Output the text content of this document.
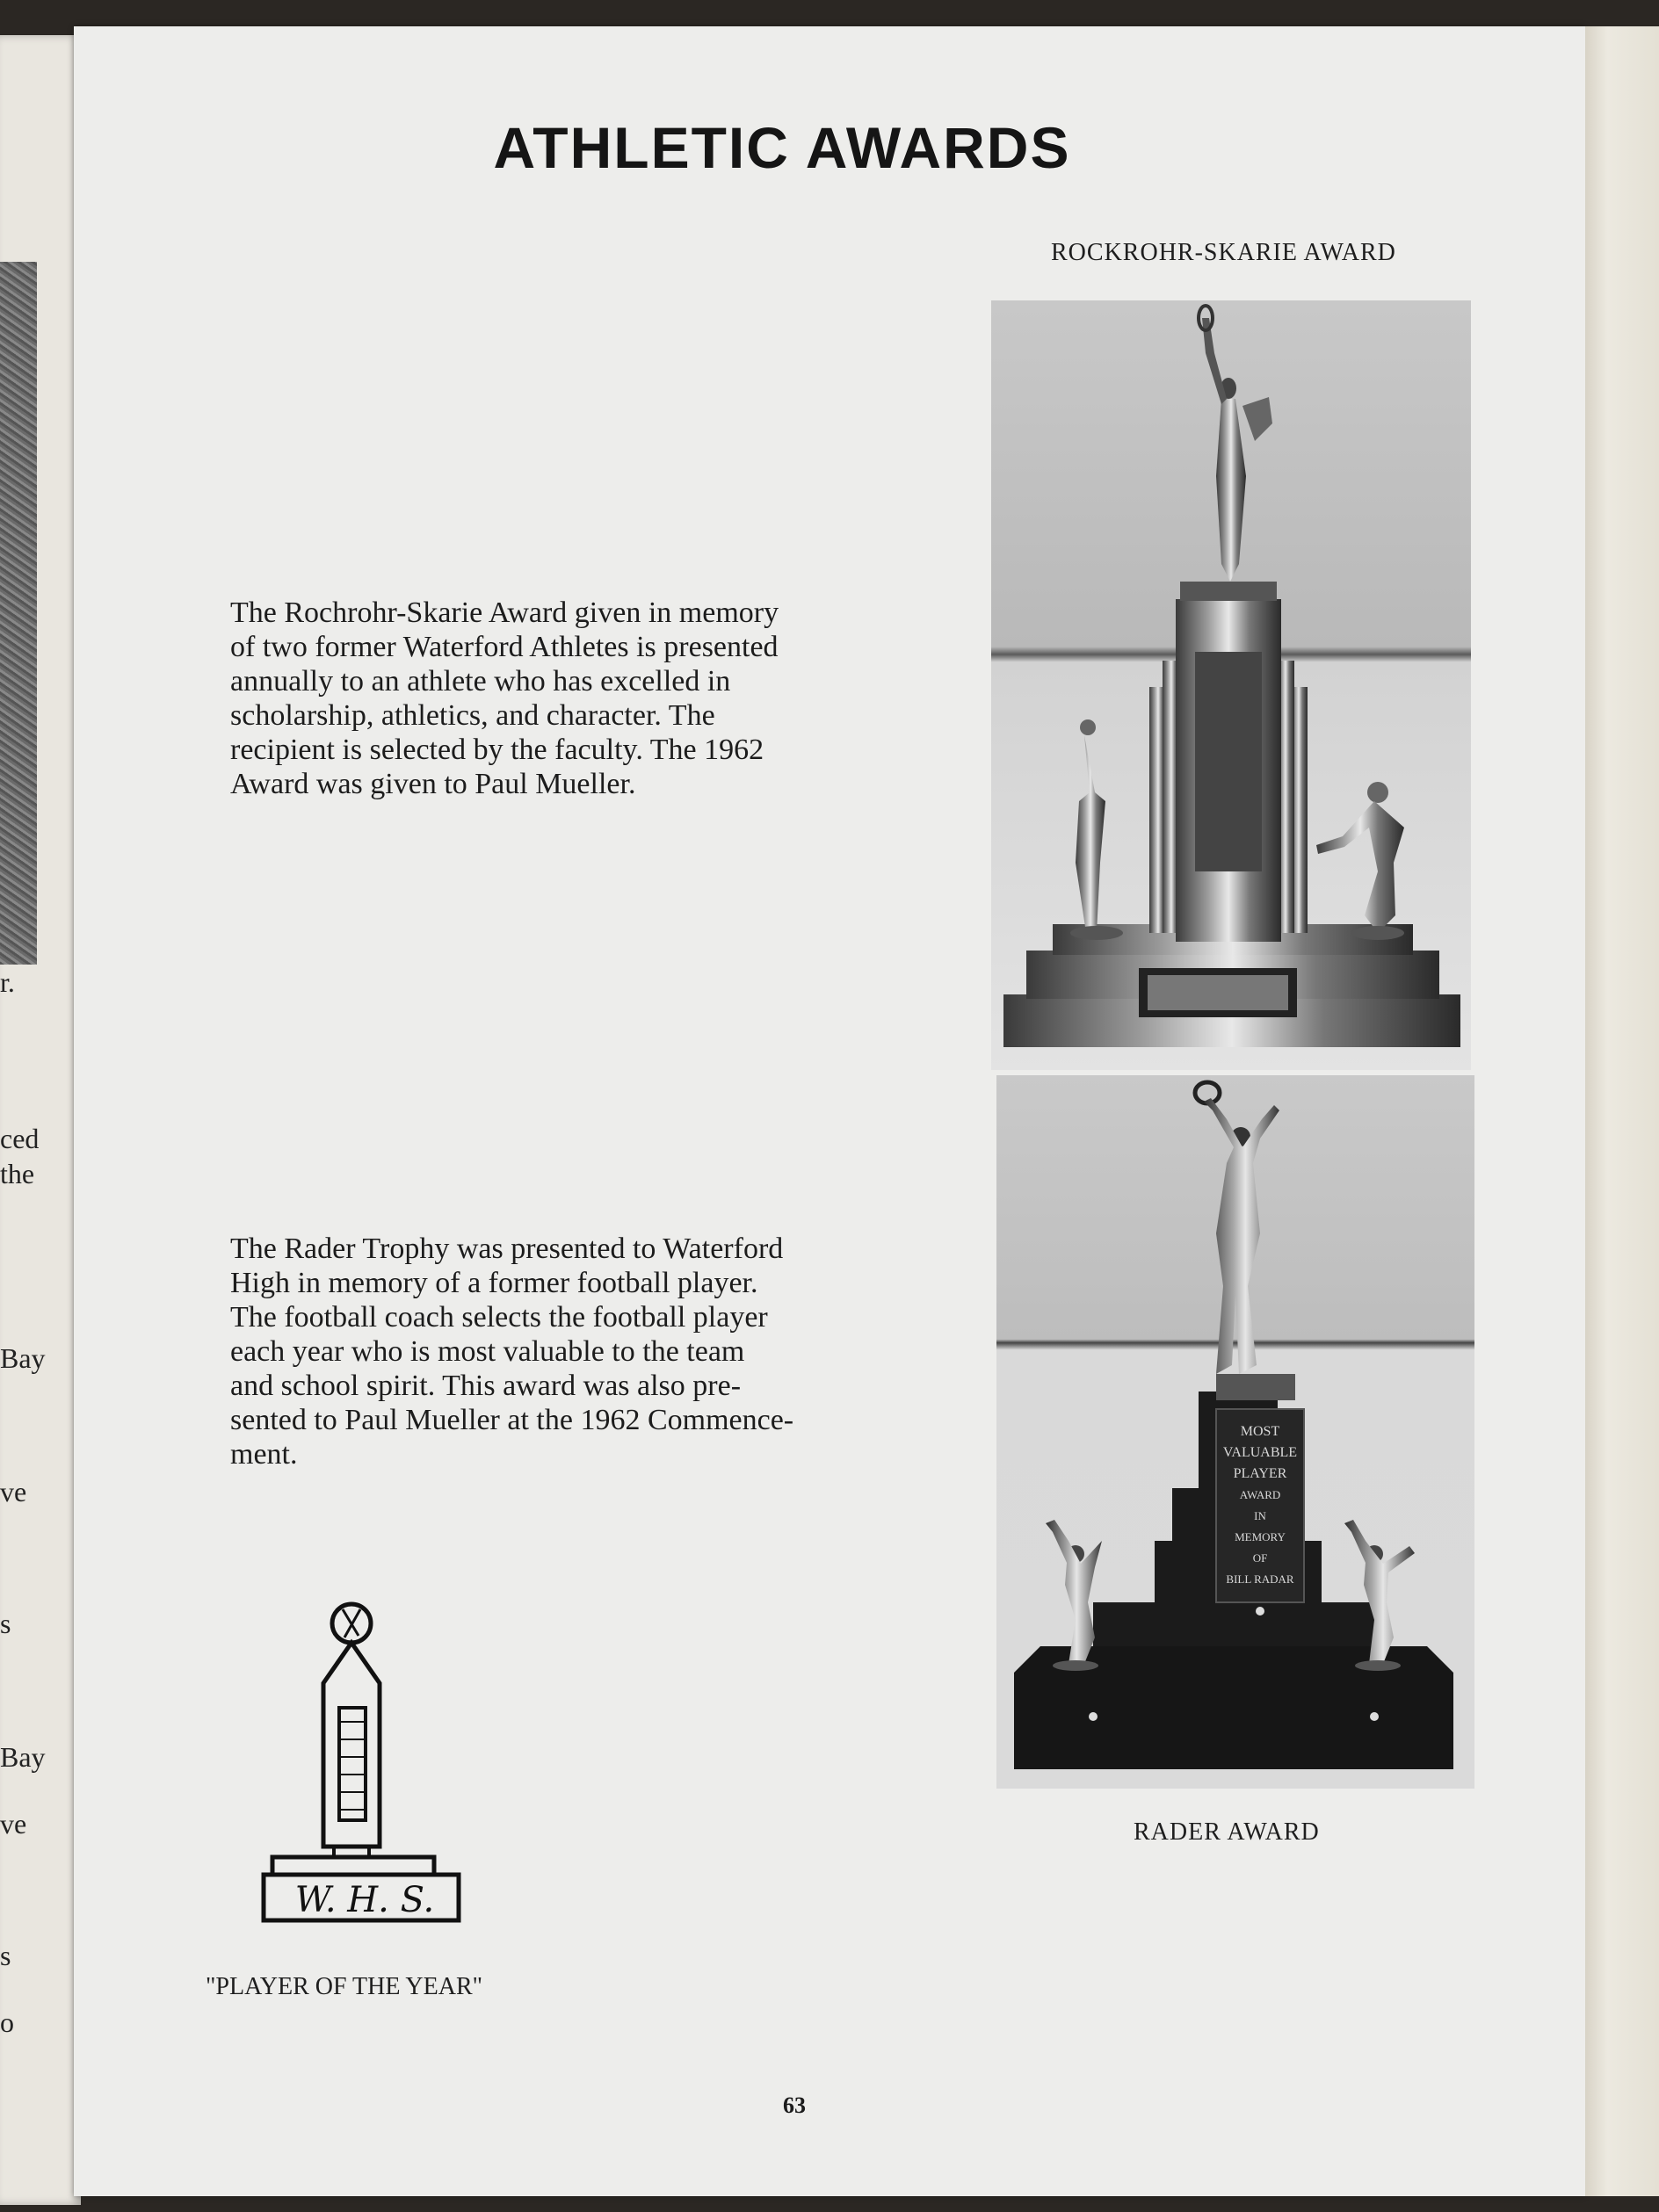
r.
ced
the
Bay
ve
s
Bay
ve
s
o
ATHLETIC AWARDS
ROCKROHR-SKARIE AWARD

The Rochrohr-Skarie Award given in memory
of two former Waterford Athletes is presented
annually to an athlete who has excelled in
scholarship, athletics, and character. The
recipient is selected by the faculty. The 1962
Award was given to Paul Mueller.

MOST
VALUABLE
PLAYER
AWARD
IN
MEMORY
OF
BILL RADAR
RADER AWARD

The Rader Trophy was presented to Waterford
High in memory of a former football player.
The football coach selects the football player
each year who is most valuable to the team
and school spirit. This award was also pre-
sented to Paul Mueller at the 1962 Commence-
ment.

W. H. S.
"PLAYER OF THE YEAR"
63
